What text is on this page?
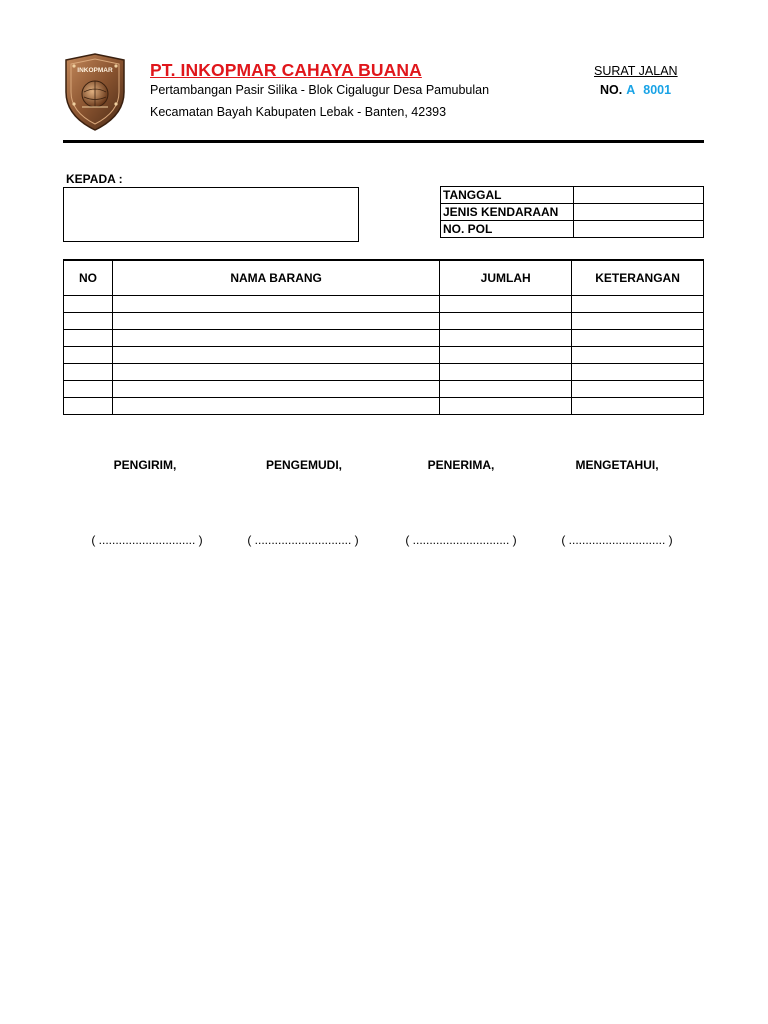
INKOPMAR PT. INKOPMAR CAHAYA BUANA
Pertambangan Pasir Silika - Blok Cigalugur Desa Pamubulan
Kecamatan Bayah Kabupaten Lebak - Banten, 42393
SURAT JALAN
NO. A 8001
KEPADA :
TANGGAL	
JENIS KENDARAAN	
NO. POL	
NO	NAMA BARANG	JUMLAH	KETERANGAN

PENGIRIM,	PENGEMUDI,	PENERIMA,	MENGETAHUI,
( ............................. )	( ............................. )	( ............................. )	( ............................. )
